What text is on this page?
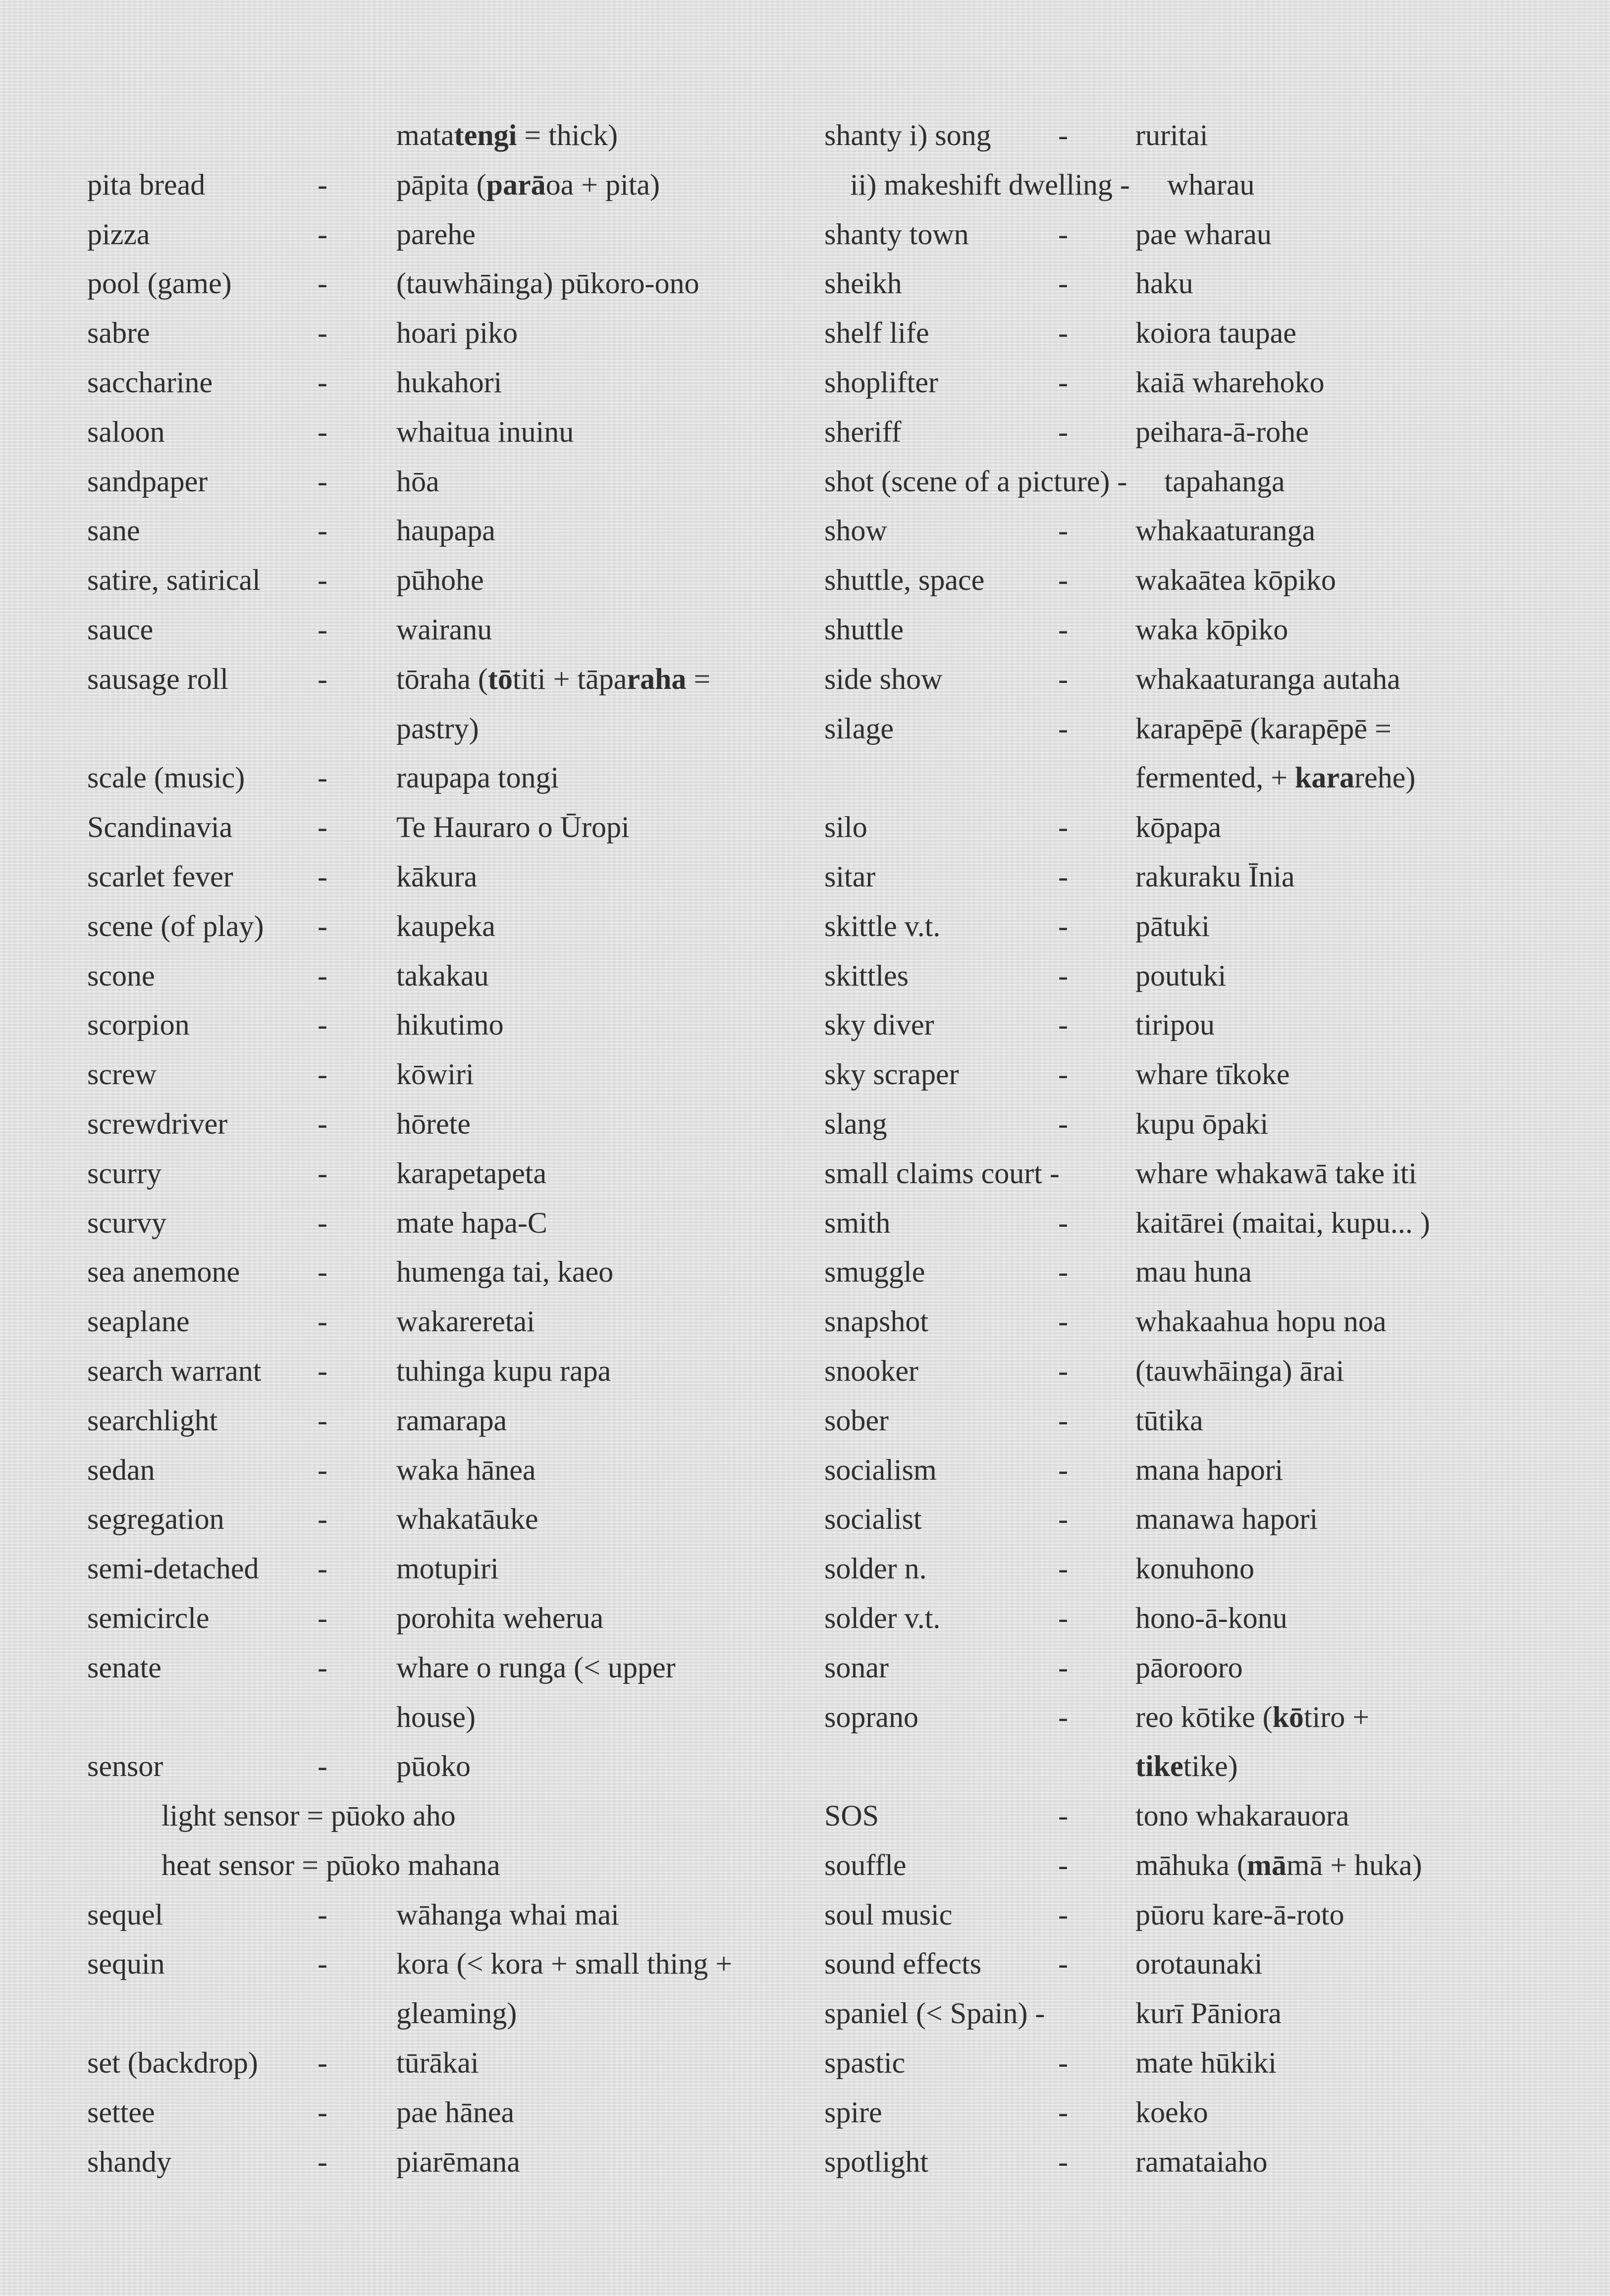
matatengi = thick)
pita bread	- pāpita (parāoa + pita)
pizza	- parehe
pool (game)	- (tauwhāinga) pūkoro-ono
sabre	- hoari piko
saccharine	- hukahori
saloon	- whaitua inuinu
sandpaper	- hōa
sane	- haupapa
satire, satirical - pūhohe
sauce	- wairanu
sausage roll	- tōraha (tōtiti + tāparaha =
pastry)
scale (music) - raupapa tongi
Scandinavia	- Te Hauraro o Ūropi
scarlet fever	- kākura
scene (of play) - kaupeka
scone	- takakau
scorpion	- hikutimo
screw	- kōwiri
screwdriver	- hōrete
scurry	- karapetapeta
scurvy	- mate hapa-C
sea anemone	- humenga tai, kaeo
seaplane	- wakareretai
search warrant - tuhinga kupu rapa
searchlight	- ramarapa
sedan	- waka hānea
segregation	- whakatāuke
semi-detached - motupiri
semicircle	- porohita weherua
senate	- whare o runga (< upper
house)
sensor	- pūoko
light sensor = pūoko aho
heat sensor = pūoko mahana
sequel	- wāhanga whai mai
sequin	- kora (< kora + small thing +
gleaming)
set (backdrop) - tūrākai
settee	- pae hānea
shandy	- piarēmana
shanty i) song - ruritai
ii) makeshift dwelling -     wharau
shanty town	- pae wharau
sheikh	- haku
shelf life	- koiora taupae
shoplifter	- kaiā wharehoko
sheriff	- peihara-ā-rohe
shot (scene of a picture) -     tapahanga
show	- whakaaturanga
shuttle, space - wakaātea kōpiko
shuttle	- waka kōpiko
side show	- whakaaturanga autaha
silage	- karapēpē (karapēpē =
fermented, + kararehe)
silo	- kōpapa
sitar	- rakuraku Īnia
skittle v.t.	- pātuki
skittles	- poutuki
sky diver	- tiripou
sky scraper	- whare tīkoke
slang	- kupu ōpaki
small claims court -	whare whakawā take iti
smith	- kaitārei (maitai, kupu... )
smuggle	- mau huna
snapshot	- whakaahua hopu noa
snooker	- (tauwhāinga) ārai
sober	- tūtika
socialism	- mana hapori
socialist	- manawa hapori
solder n.	- konuhono
solder v.t.	- hono-ā-konu
sonar	- pāorooro
soprano	- reo kōtike (kōtiro +
tiketike)
SOS	- tono whakarauora
souffle	- māhuka (māmā + huka)
soul music	- pūoru kare-ā-roto
sound effects	- orotaunaki
spaniel (< Spain) -	kurī Pāniora
spastic	- mate hūkiki
spire	- koeko
spotlight	- ramataiaho
